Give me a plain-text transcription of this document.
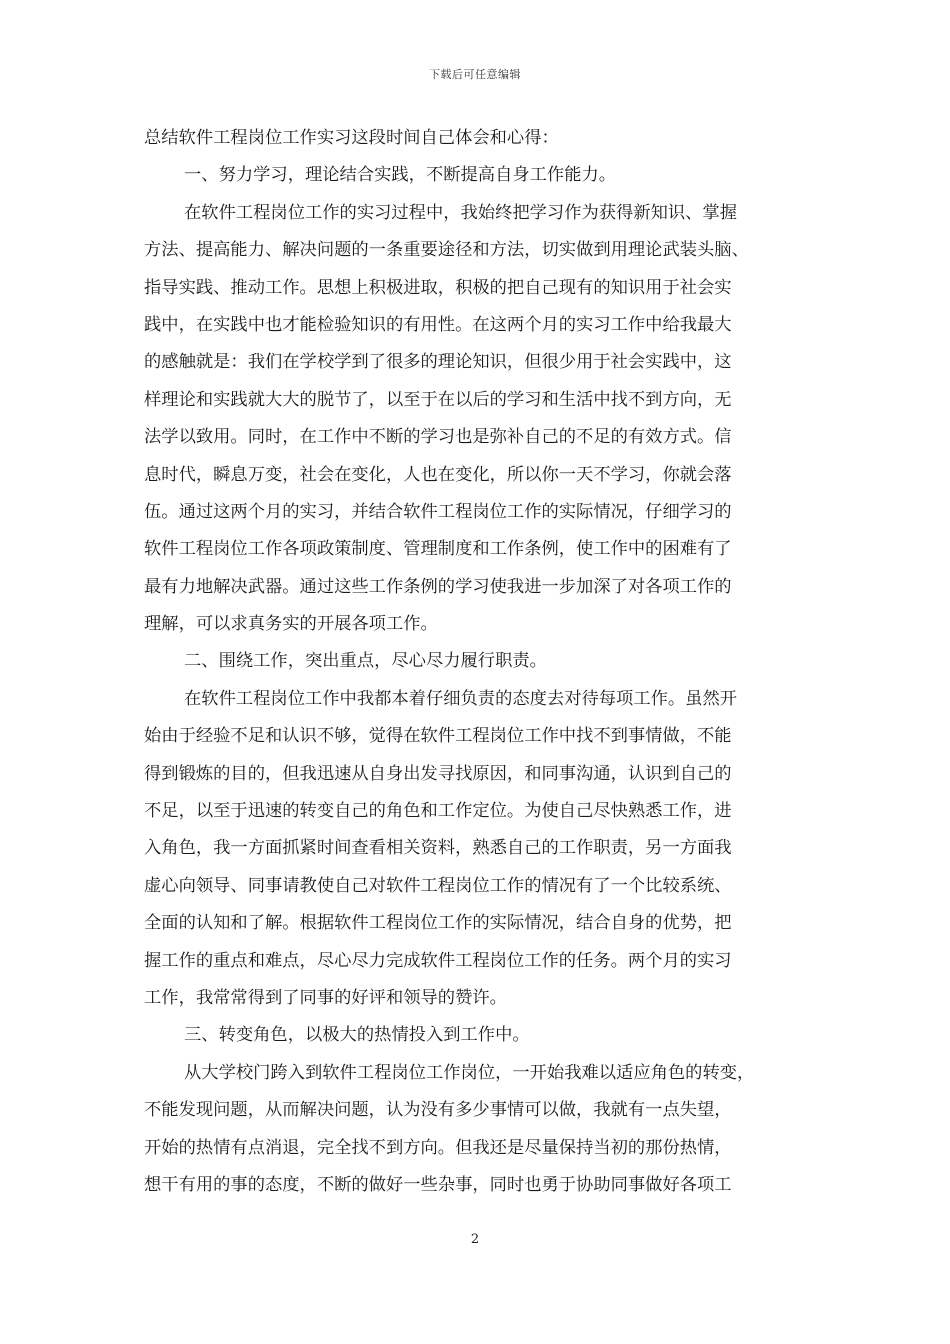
下载后可任意编辑
总结软件工程岗位工作实习这段时间自己体会和心得：
一、努力学习，理论结合实践，不断提高自身工作能力。
在软件工程岗位工作的实习过程中，我始终把学习作为获得新知识、掌握
方法、提高能力、解决问题的一条重要途径和方法，切实做到用理论武装头脑、
指导实践、推动工作。思想上积极进取，积极的把自己现有的知识用于社会实
践中，在实践中也才能检验知识的有用性。在这两个月的实习工作中给我最大
的感触就是：我们在学校学到了很多的理论知识，但很少用于社会实践中，这
样理论和实践就大大的脱节了，以至于在以后的学习和生活中找不到方向，无
法学以致用。同时，在工作中不断的学习也是弥补自己的不足的有效方式。信
息时代，瞬息万变，社会在变化，人也在变化，所以你一天不学习，你就会落
伍。通过这两个月的实习，并结合软件工程岗位工作的实际情况，仔细学习的
软件工程岗位工作各项政策制度、管理制度和工作条例，使工作中的困难有了
最有力地解决武器。通过这些工作条例的学习使我进一步加深了对各项工作的
理解，可以求真务实的开展各项工作。
二、围绕工作，突出重点，尽心尽力履行职责。
在软件工程岗位工作中我都本着仔细负责的态度去对待每项工作。虽然开
始由于经验不足和认识不够，觉得在软件工程岗位工作中找不到事情做，不能
得到锻炼的目的，但我迅速从自身出发寻找原因，和同事沟通，认识到自己的
不足，以至于迅速的转变自己的角色和工作定位。为使自己尽快熟悉工作，进
入角色，我一方面抓紧时间查看相关资料，熟悉自己的工作职责，另一方面我
虚心向领导、同事请教使自己对软件工程岗位工作的情况有了一个比较系统、
全面的认知和了解。根据软件工程岗位工作的实际情况，结合自身的优势，把
握工作的重点和难点，尽心尽力完成软件工程岗位工作的任务。两个月的实习
工作，我常常得到了同事的好评和领导的赞许。
三、转变角色，以极大的热情投入到工作中。
从大学校门跨入到软件工程岗位工作岗位，一开始我难以适应角色的转变，
不能发现问题，从而解决问题，认为没有多少事情可以做，我就有一点失望，
开始的热情有点消退，完全找不到方向。但我还是尽量保持当初的那份热情，
想干有用的事的态度，不断的做好一些杂事，同时也勇于协助同事做好各项工
2
